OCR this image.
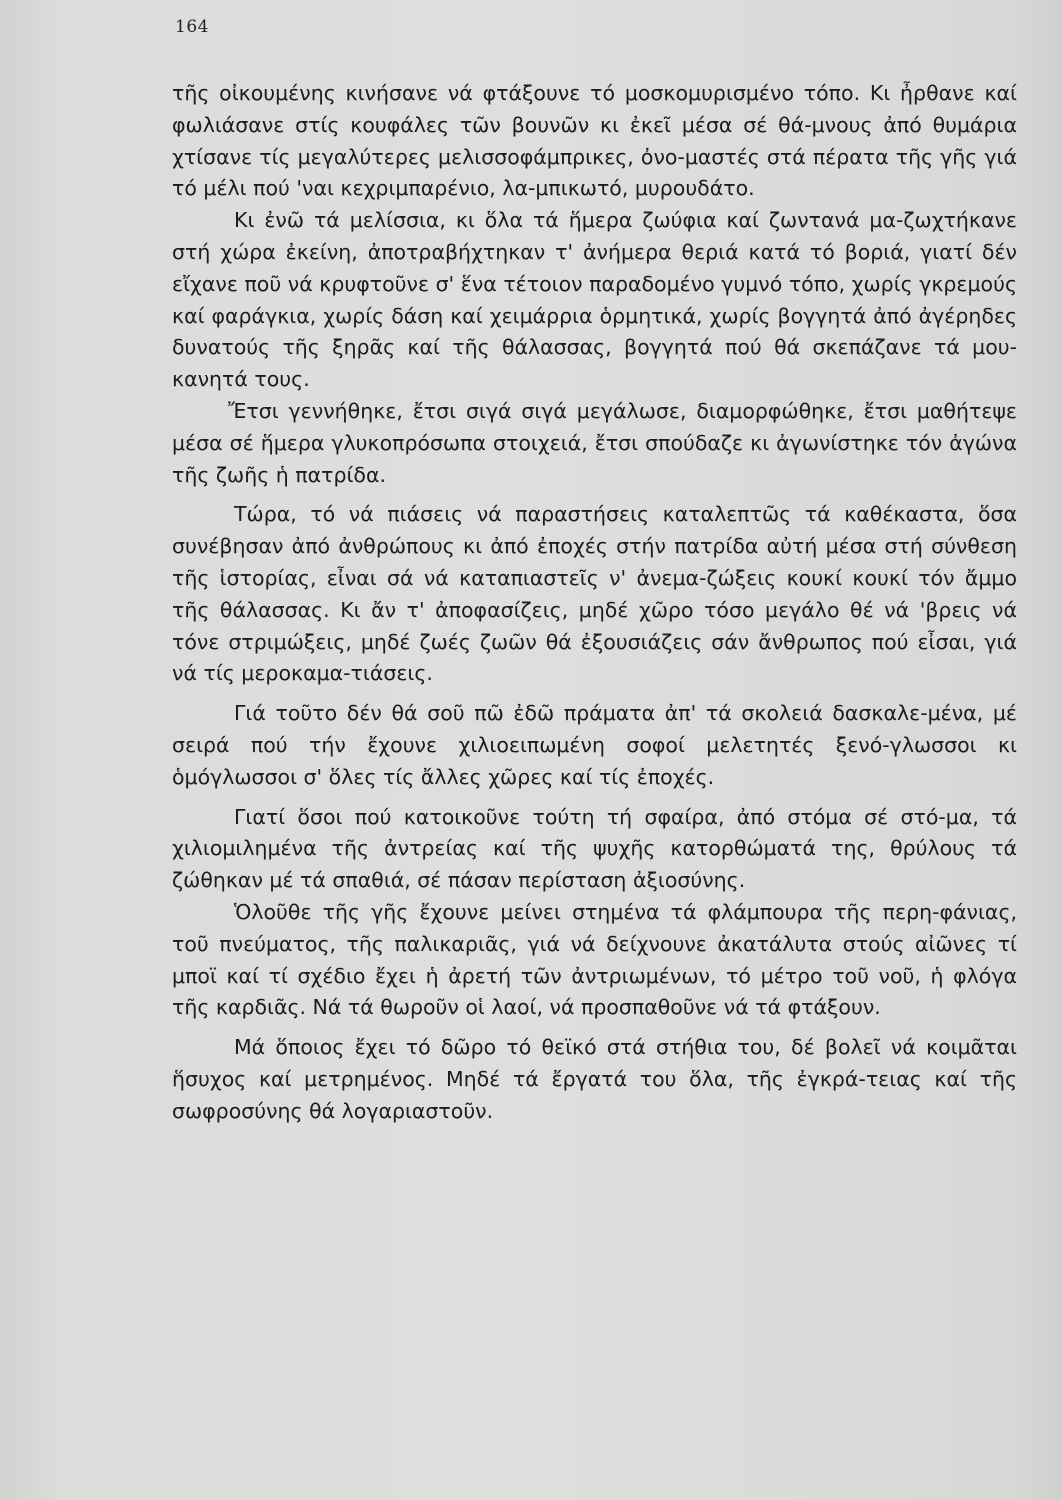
164

τῆς οἰκουμένης κινήσανε νά φτάξουνε τό μοσκομυρισμένο τόπο. Κι ἦρθανε καί φωλιάσανε στίς κουφάλες τῶν βουνῶν κι ἐκεῖ μέσα σέ θά-μνους ἀπό θυμάρια χτίσανε τίς μεγαλύτερες μελισσοφάμπρικες, ὀνο-μαστές στά πέρατα τῆς γῆς γιά τό μέλι πού 'ναι κεχριμπαρένιο, λα-μπικωτό, μυρουδάτο.

Κι ἐνῶ τά μελίσσια, κι ὅλα τά ἥμερα ζωύφια καί ζωντανά μα-ζωχτήκανε στή χώρα ἐκείνη, ἀποτραβήχτηκαν τ' ἀνήμερα θεριά κατά τό βοριά, γιατί δέν εἴχανε ποῦ νά κρυφτοῦνε σ' ἕνα τέτοιον παραδομένο γυμνό τόπο, χωρίς γκρεμούς καί φαράγκια, χωρίς δάση καί χειμάρρια ὁρμητικά, χωρίς βογγητά ἀπό ἀγέρηδες δυνατούς τῆς ξηρᾶς καί τῆς θάλασσας, βογγητά πού θά σκεπάζανε τά μου-κανητά τους.

Ἔτσι γεννήθηκε, ἔτσι σιγά σιγά μεγάλωσε, διαμορφώθηκε, ἔτσι μαθήτεψε μέσα σέ ἥμερα γλυκοπρόσωπα στοιχειά, ἔτσι σπούδαζε κι ἀγωνίστηκε τόν ἀγώνα τῆς ζωῆς ἡ πατρίδα.

Τώρα, τό νά πιάσεις νά παραστήσεις καταλεπτῶς τά καθέκαστα, ὅσα συνέβησαν ἀπό ἀνθρώπους κι ἀπό ἐποχές στήν πατρίδα αὐτή μέσα στή σύνθεση τῆς ἱστορίας, εἶναι σά νά καταπιαστεῖς ν' ἀνεμα-ζώξεις κουκί κουκί τόν ἄμμο τῆς θάλασσας. Κι ἄν τ' ἀποφασίζεις, μηδέ χῶρο τόσο μεγάλο θέ νά 'βρεις νά τόνε στριμώξεις, μηδέ ζωές ζωῶν θά ἐξουσιάζεις σάν ἄνθρωπος πού εἶσαι, γιά νά τίς μεροκαμα-τιάσεις.

Γιά τοῦτο δέν θά σοῦ πῶ ἐδῶ πράματα ἀπ' τά σκολειά δασκαλε-μένα, μέ σειρά πού τήν ἔχουνε χιλιοειπωμένη σοφοί μελετητές ξενό-γλωσσοι κι ὁμόγλωσσοι σ' ὅλες τίς ἄλλες χῶρες καί τίς ἐποχές.

Γιατί ὅσοι πού κατοικοῦνε τούτη τή σφαίρα, ἀπό στόμα σέ στό-μα, τά χιλιομιλημένα τῆς ἀντρείας καί τῆς ψυχῆς κατορθώματά της, θρύλους τά ζώθηκαν μέ τά σπαθιά, σέ πάσαν περίσταση ἀξιοσύνης.

Ὁλοῦθε τῆς γῆς ἔχουνε μείνει στημένα τά φλάμπουρα τῆς περη-φάνιας, τοῦ πνεύματος, τῆς παλικαριᾶς, γιά νά δείχνουνε ἀκατάλυτα στούς αἰῶνες τί μποϊ καί τί σχέδιο ἔχει ἡ ἀρετή τῶν ἀντριωμένων, τό μέτρο τοῦ νοῦ, ἡ φλόγα τῆς καρδιᾶς. Νά τά θωροῦν οἱ λαοί, νά προσπαθοῦνε νά τά φτάξουν.

Μά ὅποιος ἔχει τό δῶρο τό θεϊκό στά στήθια του, δέ βολεῖ νά κοιμᾶται ἥσυχος καί μετρημένος. Μηδέ τά ἔργατά του ὅλα, τῆς ἐγκρά-τειας καί τῆς σωφροσύνης θά λογαριαστοῦν.
